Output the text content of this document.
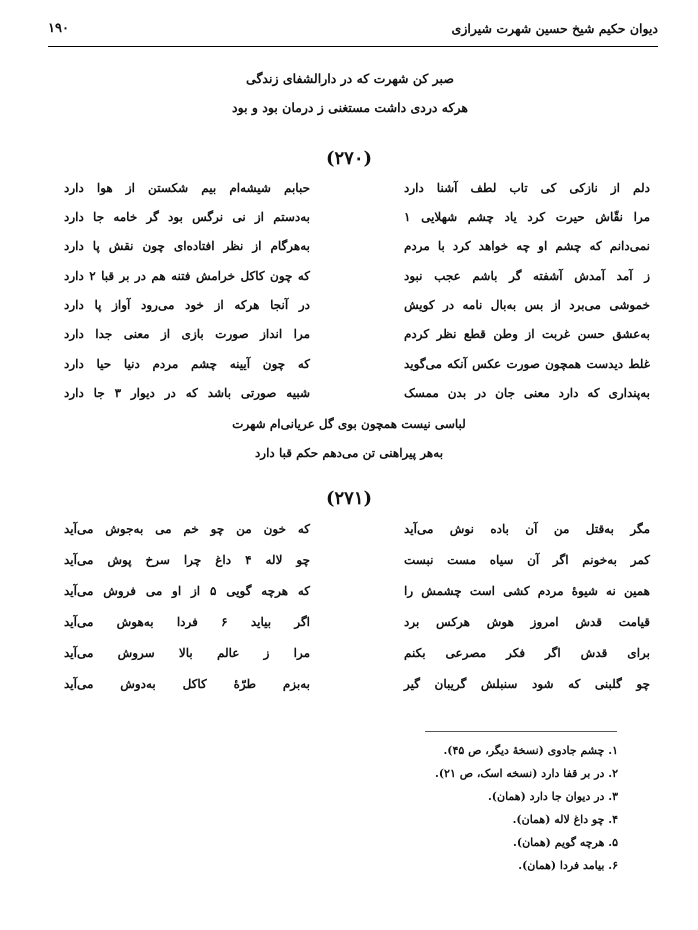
دیوان حکیم شیخ حسین شهرت شیرازی
۱۹۰
صبر کن شهرت که در دارالشفای زندگی
هرکه دردی داشت مستغنی ز درمان بود و بود
(۲۷۰)
دلم از نازکی کی تاب لطف آشنا دارد
حبابم شیشه‌ام بیم شکستن از هوا دارد
مرا نقّاش حیرت کرد یاد چشم شهلایی ۱
به‌دستم از نی نرگس بود گر خامه جا دارد
نمی‌دانم که چشم او چه خواهد کرد با مردم
به‌هرگام از نظر افتاده‌ای چون نقش پا دارد
ز آمد آمدش آشفته گر باشم عجب نبود
که چون کاکل خرامش فتنه هم در بر قبا ۲ دارد
خموشی می‌برد از بس به‌بال نامه در کویش
در آنجا هرکه از خود می‌رود آواز پا دارد
به‌عشق حسن غربت از وطن قطع نظر کردم
مرا انداز صورت بازی از معنی جدا دارد
غلط دیدست همچون صورت عکس آنکه می‌گوید
که چون آیینه چشم مردم دنیا حیا دارد
به‌پنداری که دارد معنی جان در بدن ممسک
شبیه صورتی باشد که در دیوار ۳ جا دارد
لباسی نیست همچون بوی گل عریانی‌ام شهرت
به‌هر پیراهنی تن می‌دهم حکم قبا دارد
(۲۷۱)
مگر به‌قتل من آن باده نوش می‌آید
که خون من چو خم می به‌جوش می‌آید
کمر به‌خونم اگر آن سیاه مست نبست
چو لاله ۴ داغ چرا سرخ پوش می‌آید
همین نه شیوهٔ مردم کشی است چشمش را
که هرچه گویی ۵ از او می فروش می‌آید
قیامت قدش امروز هوش هرکس برد
اگر بیاید ۶ فردا به‌هوش می‌آید
برای قدش اگر فکر مصرعی بکنم
مرا ز عالم بالا سروش می‌آید
چو گلبنی که شود سنبلش گریبان گیر
به‌بزم طرّهٔ کاکل به‌دوش می‌آید
۱. چشم جادوی (نسخهٔ دیگر، ص ۴۵).
۲. در بر قفا دارد (نسخه اسک، ص ۲۱).
۳. در دیوان جا دارد (همان).
۴. چو داغ لاله (همان).
۵. هرچه گویم (همان).
۶. بیامد فردا (همان).
